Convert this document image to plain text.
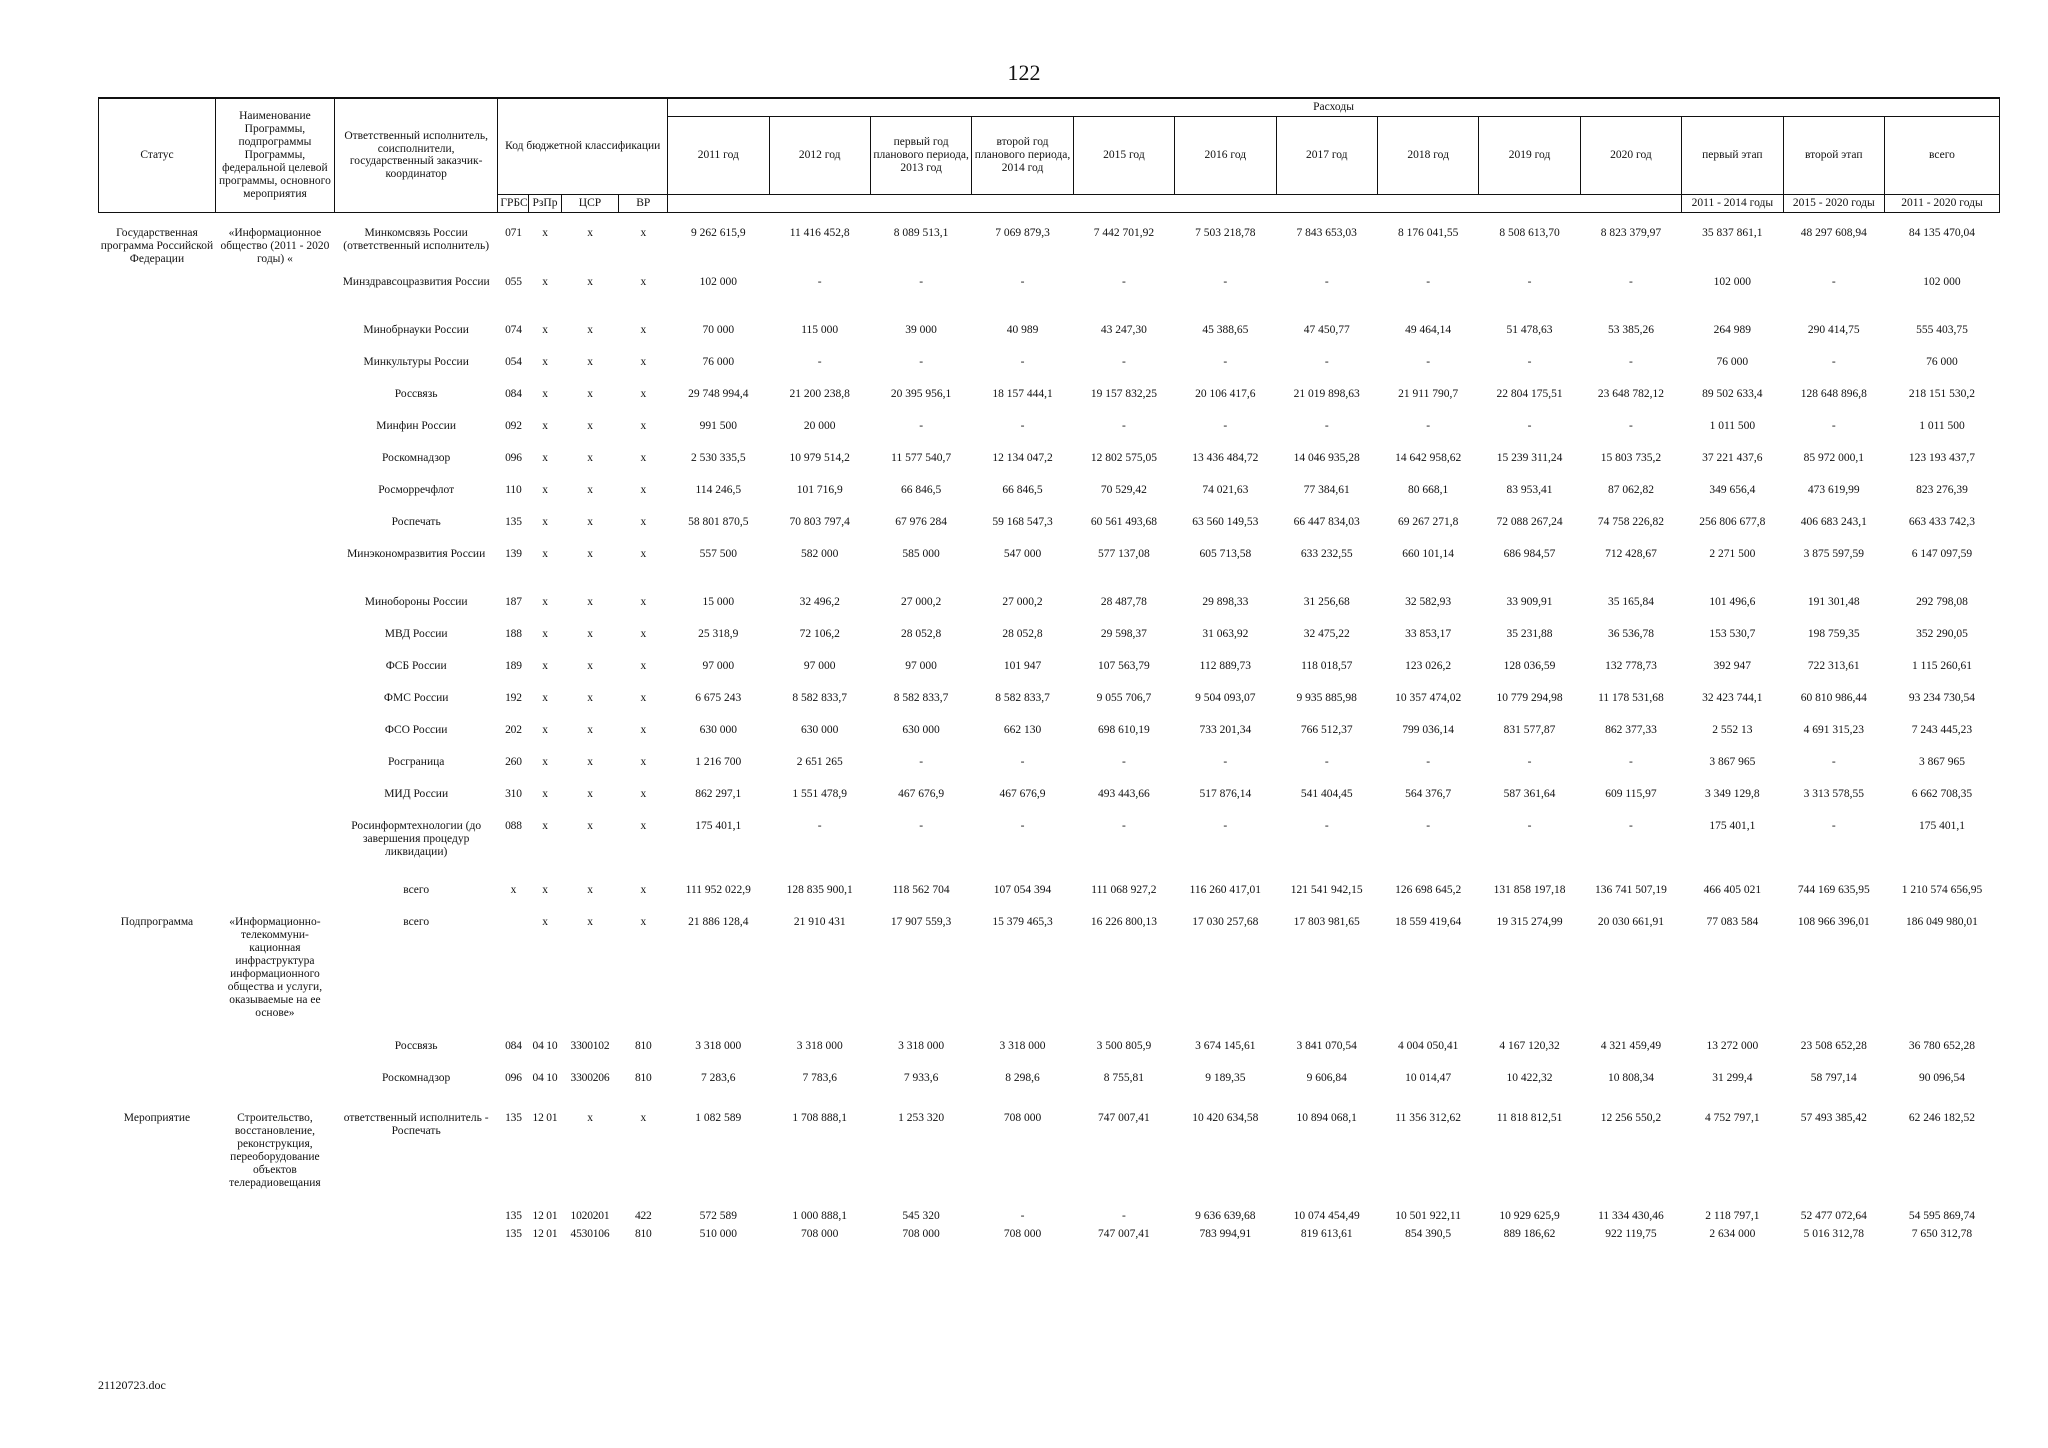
122
Статус	Наименование Программы, подпрограммы Программы, федеральной целевой программы, основного мероприятия	Ответственный исполнитель, соисполнители, государственный заказчик-координатор	Код бюджетной классификации				Расходы												
							2011 год	2012 год	первый год планового периода, 2013 год	второй год планового периода, 2014 год	2015 год	2016 год	2017 год	2018 год	2019 год	2020 год	первый этап	второй этап	всего
			ГРБС	РзПр	ЦСР	ВР											2011 - 2014 годы	2015 - 2020 годы	2011 - 2020 годы

Государственная программа Российской Федерации	«Информационное общество (2011 - 2020 годы) «	Минкомсвязь России (ответственный исполнитель)	071	x	x	x	9 262 615,9	11 416 452,8	8 089 513,1	7 069 879,3	7 442 701,92	7 503 218,78	7 843 653,03	8 176 041,55	8 508 613,70	8 823 379,97	35 837 861,1	48 297 608,94	84 135 470,04
		Минздравсоцразвития России	055	x	x	x	102 000	-	-	-	-	-	-	-	-	-	102 000	-	102 000
		Минобрнауки России	074	x	x	x	70 000	115 000	39 000	40 989	43 247,30	45 388,65	47 450,77	49 464,14	51 478,63	53 385,26	264 989	290 414,75	555 403,75
		Минкультуры России	054	x	x	x	76 000	-	-	-	-	-	-	-	-	-	76 000	-	76 000
		Россвязь	084	x	x	x	29 748 994,4	21 200 238,8	20 395 956,1	18 157 444,1	19 157 832,25	20 106 417,6	21 019 898,63	21 911 790,7	22 804 175,51	23 648 782,12	89 502 633,4	128 648 896,8	218 151 530,2
		Минфин России	092	x	x	x	991 500	20 000	-	-	-	-	-	-	-	-	1 011 500	-	1 011 500
		Роскомнадзор	096	x	x	x	2 530 335,5	10 979 514,2	11 577 540,7	12 134 047,2	12 802 575,05	13 436 484,72	14 046 935,28	14 642 958,62	15 239 311,24	15 803 735,2	37 221 437,6	85 972 000,1	123 193 437,7
		Росморречфлот	110	x	x	x	114 246,5	101 716,9	66 846,5	66 846,5	70 529,42	74 021,63	77 384,61	80 668,1	83 953,41	87 062,82	349 656,4	473 619,99	823 276,39
		Роспечать	135	x	x	x	58 801 870,5	70 803 797,4	67 976 284	59 168 547,3	60 561 493,68	63 560 149,53	66 447 834,03	69 267 271,8	72 088 267,24	74 758 226,82	256 806 677,8	406 683 243,1	663 433 742,3
		Минэкономразвития России	139	x	x	x	557 500	582 000	585 000	547 000	577 137,08	605 713,58	633 232,55	660 101,14	686 984,57	712 428,67	2 271 500	3 875 597,59	6 147 097,59
		Минобороны России	187	x	x	x	15 000	32 496,2	27 000,2	27 000,2	28 487,78	29 898,33	31 256,68	32 582,93	33 909,91	35 165,84	101 496,6	191 301,48	292 798,08
		МВД России	188	x	x	x	25 318,9	72 106,2	28 052,8	28 052,8	29 598,37	31 063,92	32 475,22	33 853,17	35 231,88	36 536,78	153 530,7	198 759,35	352 290,05
		ФСБ России	189	x	x	x	97 000	97 000	97 000	101 947	107 563,79	112 889,73	118 018,57	123 026,2	128 036,59	132 778,73	392 947	722 313,61	1 115 260,61
		ФМС России	192	x	x	x	6 675 243	8 582 833,7	8 582 833,7	8 582 833,7	9 055 706,7	9 504 093,07	9 935 885,98	10 357 474,02	10 779 294,98	11 178 531,68	32 423 744,1	60 810 986,44	93 234 730,54
		ФСО России	202	x	x	x	630 000	630 000	630 000	662 130	698 610,19	733 201,34	766 512,37	799 036,14	831 577,87	862 377,33	2 552 13	4 691 315,23	7 243 445,23
		Росграница	260	x	x	x	1 216 700	2 651 265	-	-	-	-	-	-	-	-	3 867 965	-	3 867 965
		МИД России	310	x	x	x	862 297,1	1 551 478,9	467 676,9	467 676,9	493 443,66	517 876,14	541 404,45	564 376,7	587 361,64	609 115,97	3 349 129,8	3 313 578,55	6 662 708,35
		Росинформтехнологии (до завершения процедур ликвидации)	088	x	x	x	175 401,1	-	-	-	-	-	-	-	-	-	175 401,1	-	175 401,1
		всего	x	x	x	x	111 952 022,9	128 835 900,1	118 562 704	107 054 394	111 068 927,2	116 260 417,01	121 541 942,15	126 698 645,2	131 858 197,18	136 741 507,19	466 405 021	744 169 635,95	1 210 574 656,95
Подпрограмма	«Информационно-телекоммуни-кационная инфраструктура информационного общества и услуги, оказываемые на ее основе»	всего		x	x	x	21 886 128,4	21 910 431	17 907 559,3	15 379 465,3	16 226 800,13	17 030 257,68	17 803 981,65	18 559 419,64	19 315 274,99	20 030 661,91	77 083 584	108 966 396,01	186 049 980,01
		Россвязь	084	04 10	3300102	810	3 318 000	3 318 000	3 318 000	3 318 000	3 500 805,9	3 674 145,61	3 841 070,54	4 004 050,41	4 167 120,32	4 321 459,49	13 272 000	23 508 652,28	36 780 652,28
		Роскомнадзор	096	04 10	3300206	810	7 283,6	7 783,6	7 933,6	8 298,6	8 755,81	9 189,35	9 606,84	10 014,47	10 422,32	10 808,34	31 299,4	58 797,14	90 096,54
Мероприятие	Строительство, восстановление, реконструкция, переоборудование объектов телерадиовещания	ответственный исполнитель - Роспечать	135	12 01	x	x	1 082 589	1 708 888,1	1 253 320	708 000	747 007,41	10 420 634,58	10 894 068,1	11 356 312,62	11 818 812,51	12 256 550,2	4 752 797,1	57 493 385,42	62 246 182,52
			135	12 01	1020201	422	572 589	1 000 888,1	545 320	-	-	9 636 639,68	10 074 454,49	10 501 922,11	10 929 625,9	11 334 430,46	2 118 797,1	52 477 072,64	54 595 869,74
			135	12 01	4530106	810	510 000	708 000	708 000	708 000	747 007,41	783 994,91	819 613,61	854 390,5	889 186,62	922 119,75	2 634 000	5 016 312,78	7 650 312,78
21120723.doc
